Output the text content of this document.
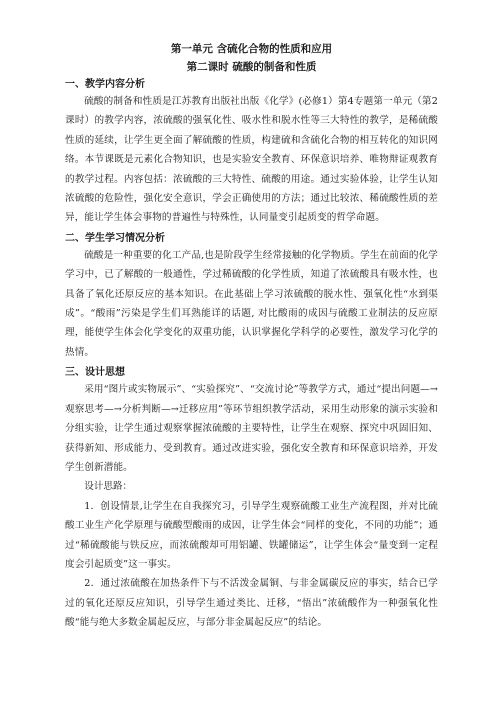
第一单元 含硫化合物的性质和应用
第二课时 硫酸的制备和性质
一、教学内容分析

硫酸的制备和性质是江苏教育出版社出版《化学》(必修1）第4专题第一单元（第2课时）的教学内容，浓硫酸的强氧化性、吸水性和脱水性等三大特性的教学，是稀硫酸性质的延续，让学生更全面了解硫酸的性质，构建硫和含硫化合物的相互转化的知识网络。本节课既是元素化合物知识，也是实验安全教育、环保意识培养、唯物辩证观教育的教学过程。内容包括：浓硫酸的三大特性、硫酸的用途。通过实验体验，让学生认知浓硫酸的危险性，强化安全意识，学会正确使用的方法；通过比较浓、稀硫酸性质的差异，能让学生体会事物的普遍性与特殊性，认同量变引起质变的哲学命题。

二、学生学习情况分析

硫酸是一种重要的化工产品,也是阶段学生经常接触的化学物质。学生在前面的化学学习中，已了解酸的一般通性，学过稀硫酸的化学性质，知道了浓硫酸具有吸水性，也具备了氧化还原反应的基本知识。在此基础上学习浓硫酸的脱水性、强氧化性“水到渠成”。“酸雨”污染是学生们耳熟能详的话题, 对比酸雨的成因与硫酸工业制法的反应原理，能使学生体会化学变化的双重功能，认识掌握化学科学的必要性，激发学习化学的热情。

三、设计思想

采用“图片或实物展示”、“实验探究”、“交流讨论”等教学方式，通过“提出问题—→观察思考—→分析判断—→迁移应用”等环节组织教学活动，采用生动形象的演示实验和分组实验，让学生通过观察掌握浓硫酸的主要特性，让学生在观察、探究中巩固旧知、获得新知、形成能力、受到教育。通过改进实验，强化安全教育和环保意识培养，开发学生创新潜能。

设计思路：

1．创设情景,让学生在自我探究习，引导学生观察硫酸工业生产流程图，并对比硫酸工业生产化学原理与硫酸型酸雨的成因，让学生体会“同样的变化，不同的功能”；通过“稀硫酸能与铁反应，而浓硫酸却可用铝罐、铁罐储运”，让学生体会“量变到一定程度会引起质变”这一事实。

2．通过浓硫酸在加热条件下与不活泼金属铜、与非金属碳反应的事实，结合已学过的氧化还原反应知识，引导学生通过类比、迁移，“悟出”浓硫酸作为一种强氧化性酸“能与绝大多数金属起反应，与部分非金属起反应”的结论。
